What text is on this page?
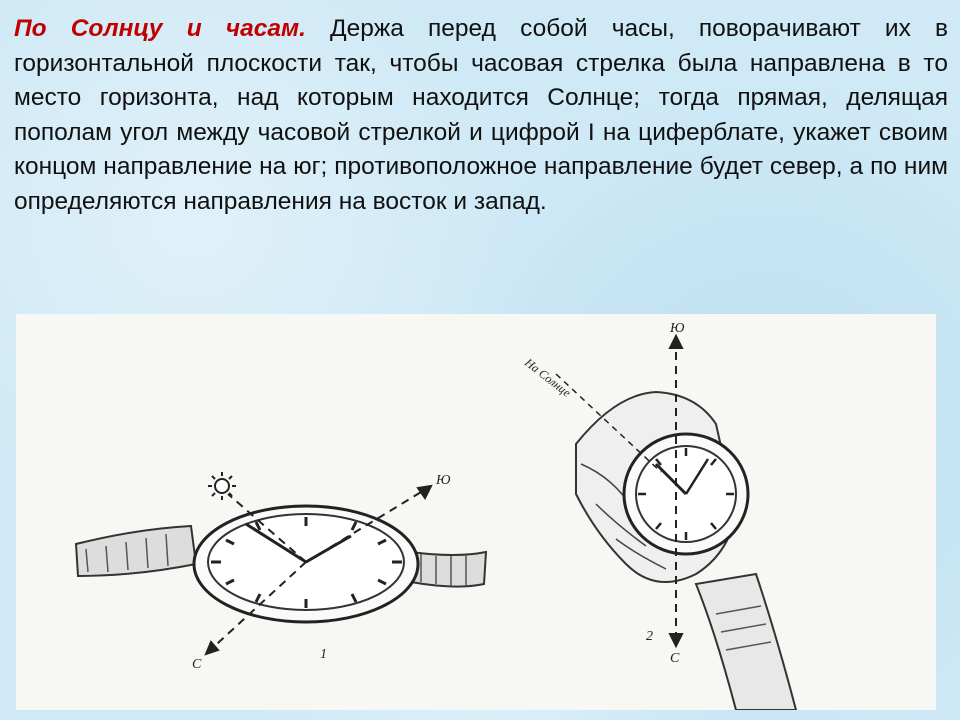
По Солнцу и часам. Держа перед собой часы, поворачивают их в горизонтальной плоскости так, чтобы часовая стрелка была направлена в то место горизонта, над которым находится Солнце; тогда прямая, делящая пополам угол между часовой стрелкой и цифрой I на циферблате, укажет своим концом направление на юг; противоположное направление будет север, а по ним определяются направления на восток и запад.
Ю
С
1
Ю
С
2
На Солнце
